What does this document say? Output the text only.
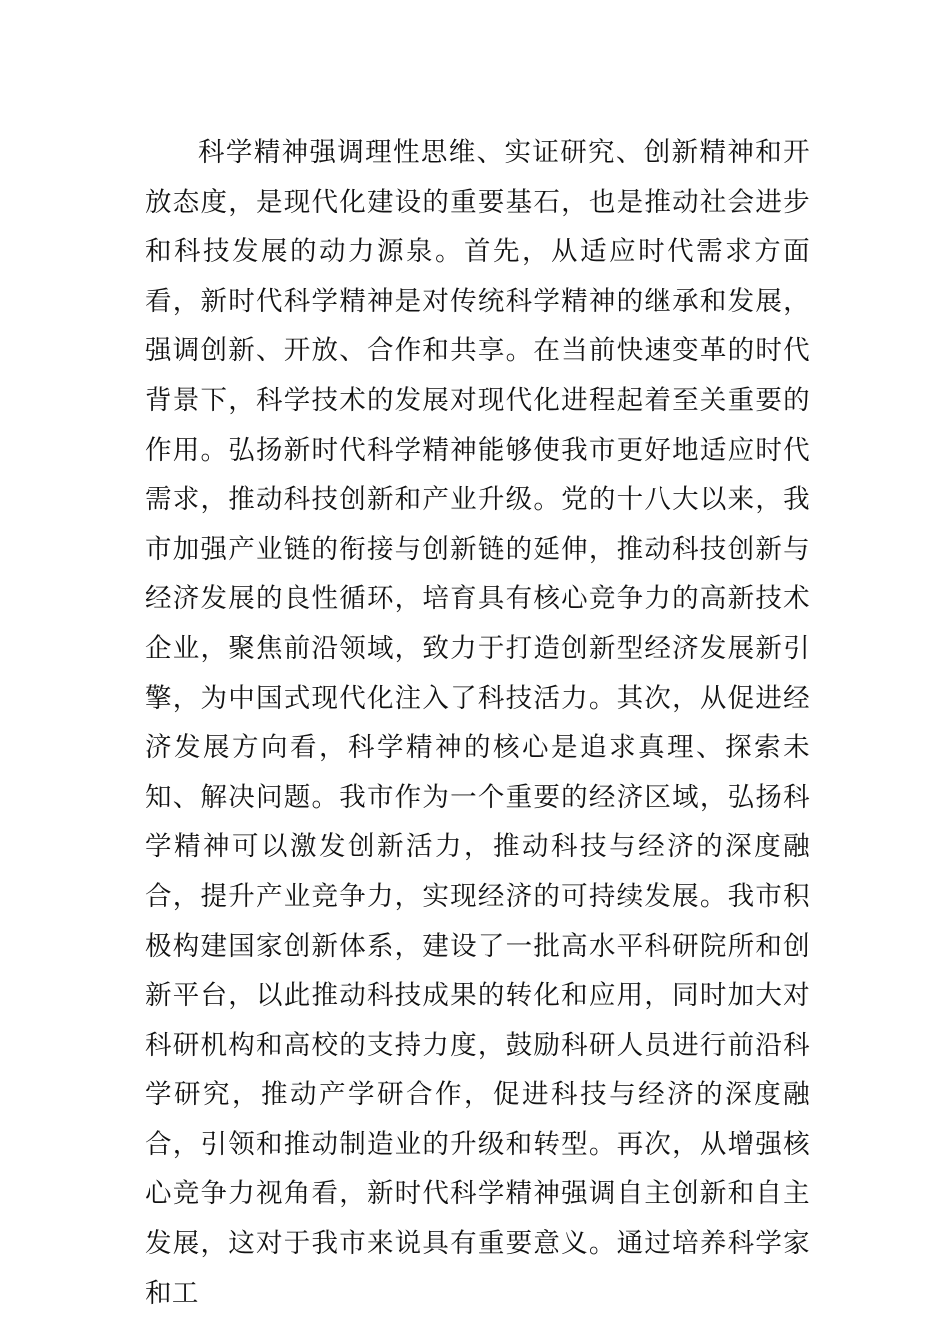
科学精神强调理性思维、实证研究、创新精神和开放态度，是现代化建设的重要基石，也是推动社会进步和科技发展的动力源泉。首先，从适应时代需求方面看，新时代科学精神是对传统科学精神的继承和发展，强调创新、开放、合作和共享。在当前快速变革的时代背景下，科学技术的发展对现代化进程起着至关重要的作用。弘扬新时代科学精神能够使我市更好地适应时代需求，推动科技创新和产业升级。党的十八大以来，我市加强产业链的衔接与创新链的延伸，推动科技创新与经济发展的良性循环，培育具有核心竞争力的高新技术企业，聚焦前沿领域，致力于打造创新型经济发展新引擎，为中国式现代化注入了科技活力。其次，从促进经济发展方向看，科学精神的核心是追求真理、探索未知、解决问题。我市作为一个重要的经济区域，弘扬科学精神可以激发创新活力，推动科技与经济的深度融合，提升产业竞争力，实现经济的可持续发展。我市积极构建国家创新体系，建设了一批高水平科研院所和创新平台，以此推动科技成果的转化和应用，同时加大对科研机构和高校的支持力度，鼓励科研人员进行前沿科学研究，推动产学研合作，促进科技与经济的深度融合，引领和推动制造业的升级和转型。再次，从增强核心竞争力视角看，新时代科学精神强调自主创新和自主发展，这对于我市来说具有重要意义。通过培养科学家和工
